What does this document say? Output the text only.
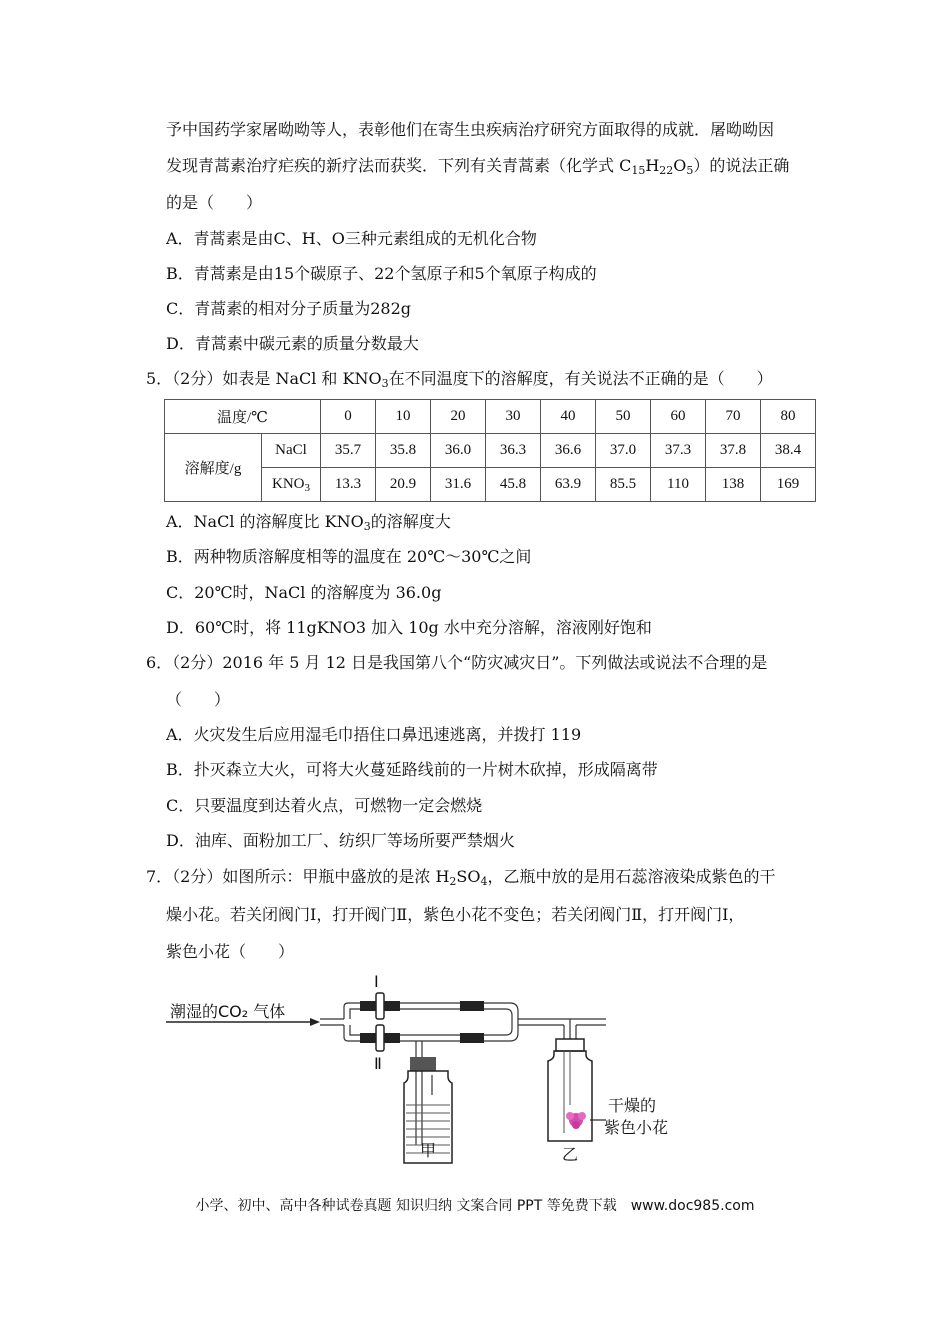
予中国药学家屠呦呦等人，表彰他们在寄生虫疾病治疗研究方面取得的成就．屠呦呦因
发现青蒿素治疗疟疾的新疗法而获奖．下列有关青蒿素（化学式 $C_{15}H_{22}O_5$）的说法正确
的是（　　）
A．青蒿素是由C、H、O三种元素组成的无机化合物
B．青蒿素是由15个碳原子、22个氢原子和5个氧原子构成的
C．青蒿素的相对分子质量为282g
D．青蒿素中碳元素的质量分数最大
5．（2分）如表是 NaCl 和 $KNO_3$在不同温度下的溶解度，有关说法不正确的是（　　）
温度/℃		0	10	20	30	40	50	60	70	80
溶解度/g	NaCl	35.7	35.8	36.0	36.3	36.6	37.0	37.3	37.8	38.4
	$KNO_3$	13.3	20.9	31.6	45.8	63.9	85.5	110	138	169
A．NaCl 的溶解度比 $KNO_3$的溶解度大
B．两种物质溶解度相等的温度在 20℃～30℃之间
C．20℃时，NaCl 的溶解度为 36.0g
D．60℃时，将 11gKNO3 加入 10g 水中充分溶解，溶液刚好饱和
6．（2分）2016 年 5 月 12 日是我国第八个“防灾减灾日”。下列做法或说法不合理的是
（　　）
A．火灾发生后应用湿毛巾捂住口鼻迅速逃离，并拨打 119
B．扑灭森立大火，可将大火蔓延路线前的一片树木砍掉，形成隔离带
C．只要温度到达着火点，可燃物一定会燃烧
D．油库、面粉加工厂、纺织厂等场所要严禁烟火
7．（2分）如图所示：甲瓶中盛放的是浓 $H_2SO_4$，乙瓶中放的是用石蕊溶液染成紫色的干
燥小花。若关闭阀门Ⅰ，打开阀门Ⅱ，紫色小花不变色；若关闭阀门Ⅱ，打开阀门Ⅰ，
紫色小花（　　）
潮湿的CO₂ 气体
Ⅰ
Ⅱ
干燥的
紫色小花
乙
甲
小学、初中、高中各种试卷真题 知识归纳 文案合同 PPT 等免费下载　www.doc985.com
